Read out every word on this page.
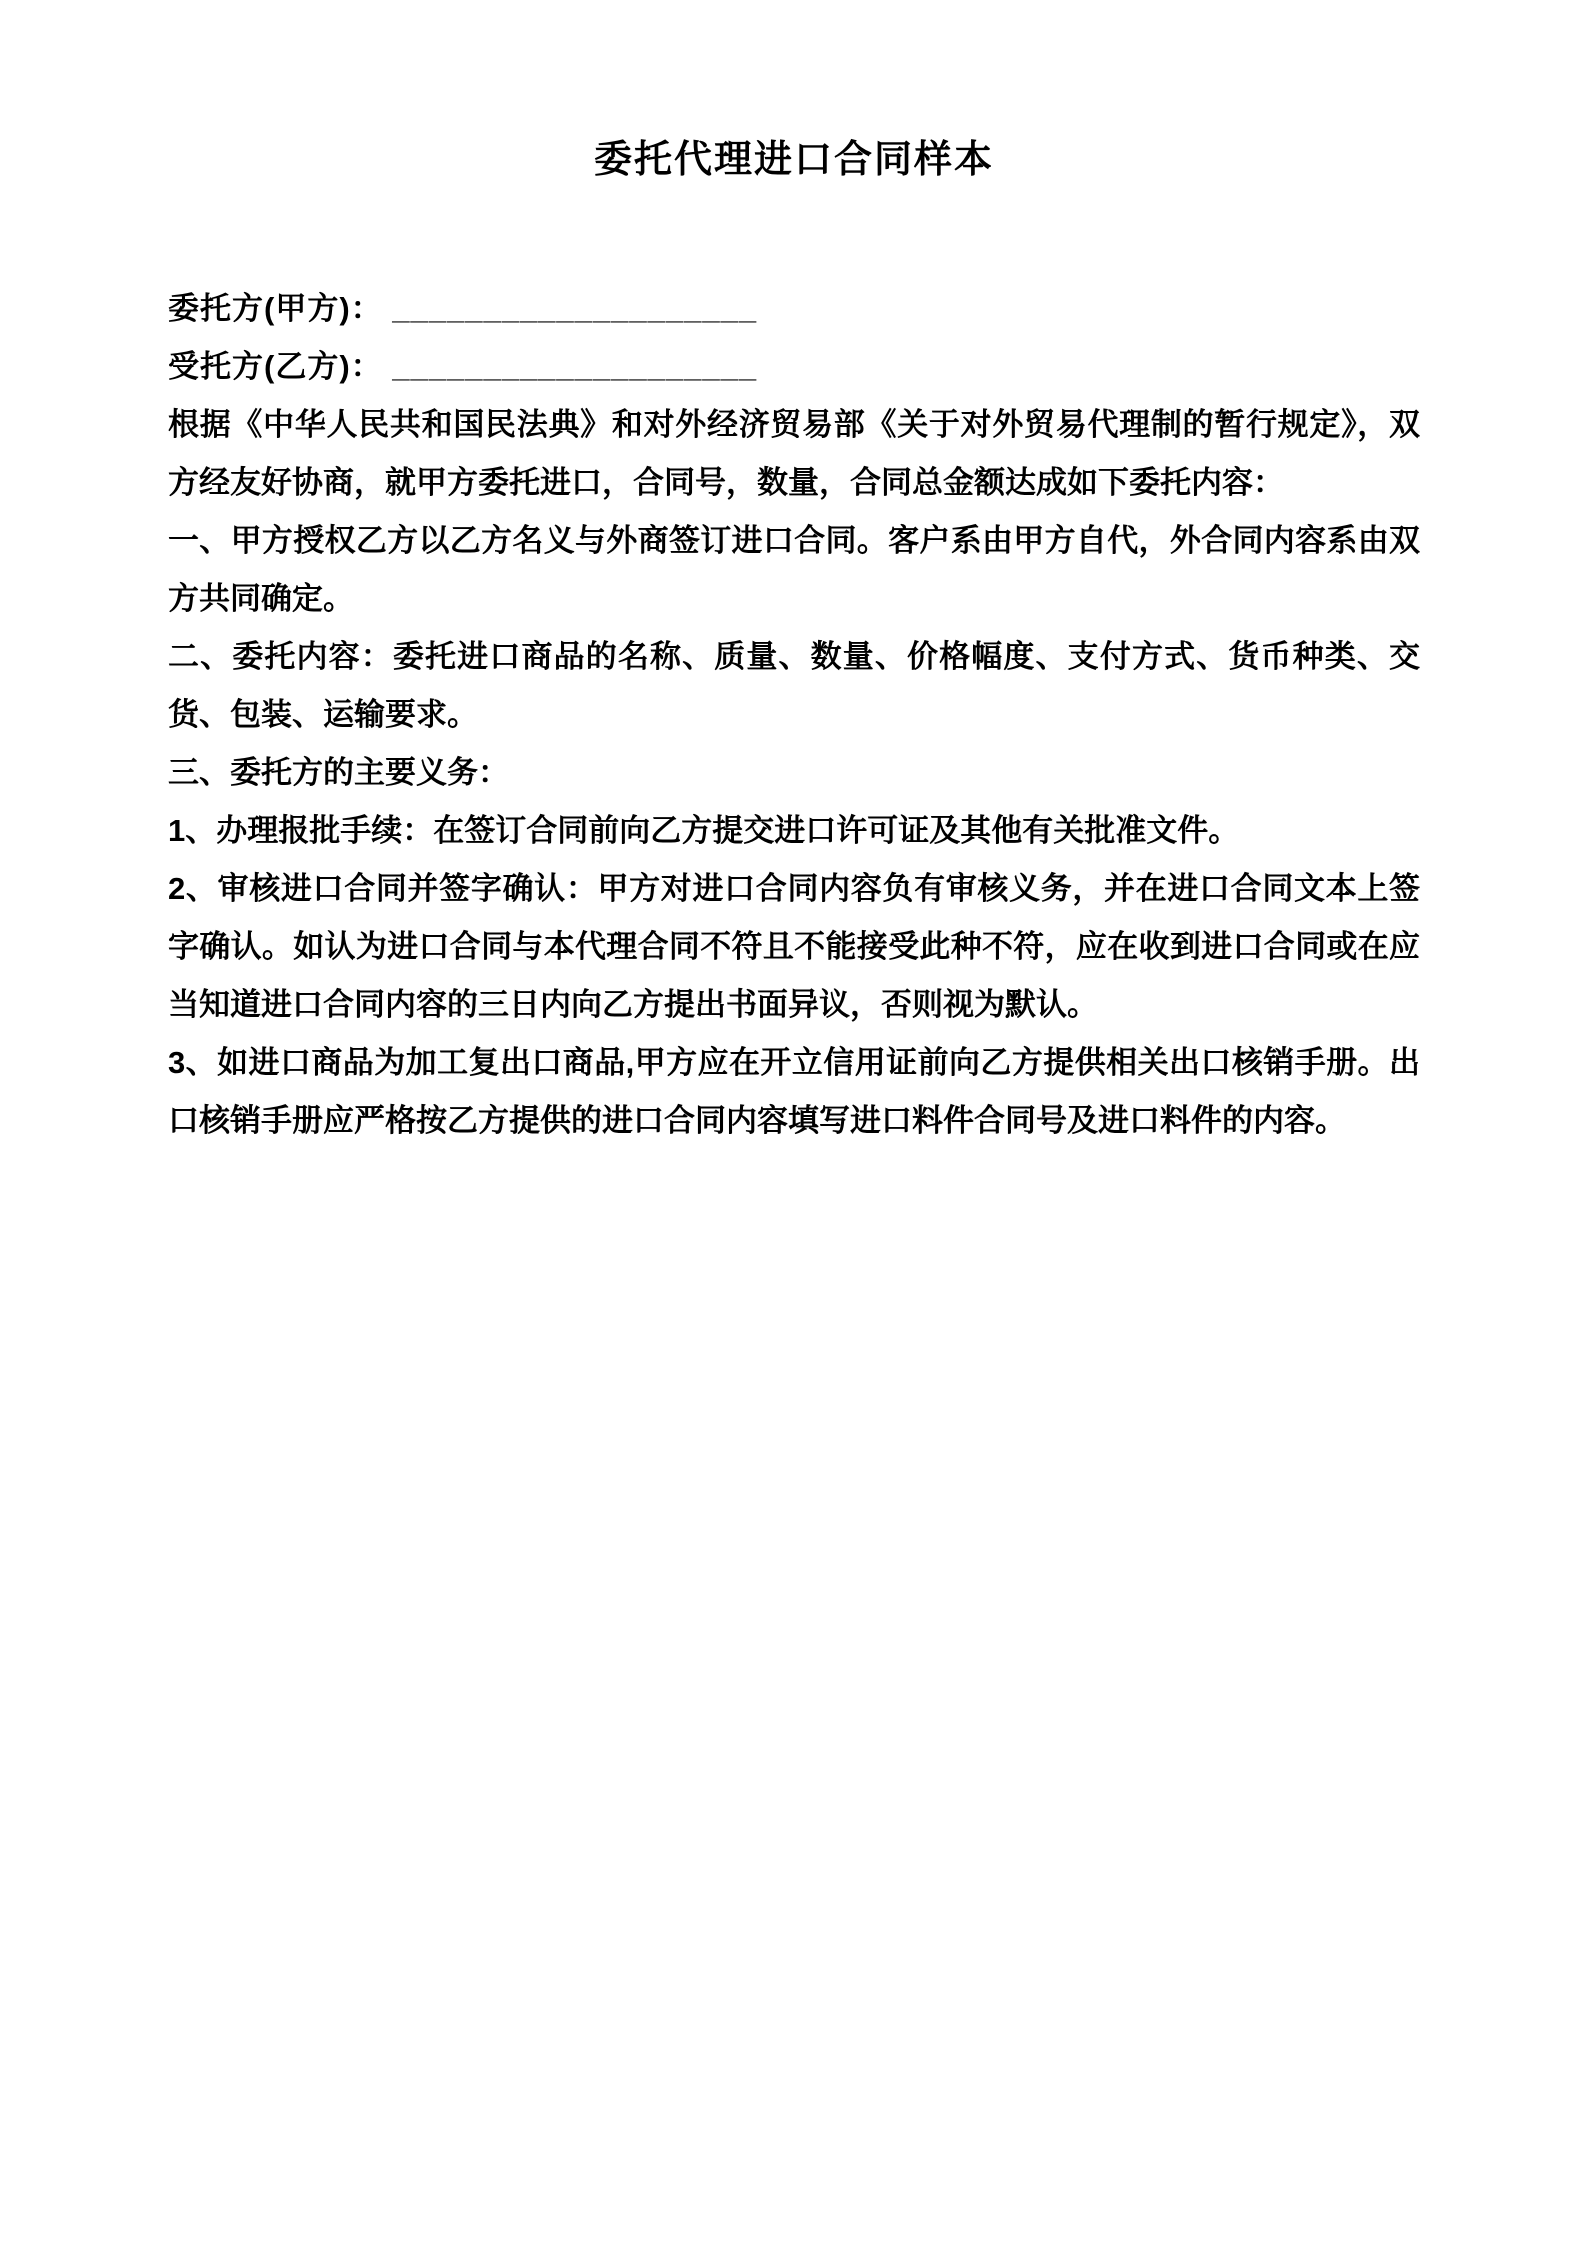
委托代理进口合同样本

委托方(甲方)： ____________________

受托方(乙方)： ____________________

根据《中华人民共和国民法典》和对外经济贸易部《关于对外贸易代理制的暂行规定》，双方经友好协商，就甲方委托进口，合同号，数量，合同总金额达成如下委托内容：

一、甲方授权乙方以乙方名义与外商签订进口合同。客户系由甲方自代，外合同内容系由双方共同确定。

二、委托内容：委托进口商品的名称、质量、数量、价格幅度、支付方式、货币种类、交货、包装、运输要求。

三、委托方的主要义务：

1、办理报批手续：在签订合同前向乙方提交进口许可证及其他有关批准文件。

2、审核进口合同并签字确认：甲方对进口合同内容负有审核义务，并在进口合同文本上签字确认。如认为进口合同与本代理合同不符且不能接受此种不符，应在收到进口合同或在应当知道进口合同内容的三日内向乙方提出书面异议，否则视为默认。

3、如进口商品为加工复出口商品,甲方应在开立信用证前向乙方提供相关出口核销手册。出口核销手册应严格按乙方提供的进口合同内容填写进口料件合同号及进口料件的内容。
